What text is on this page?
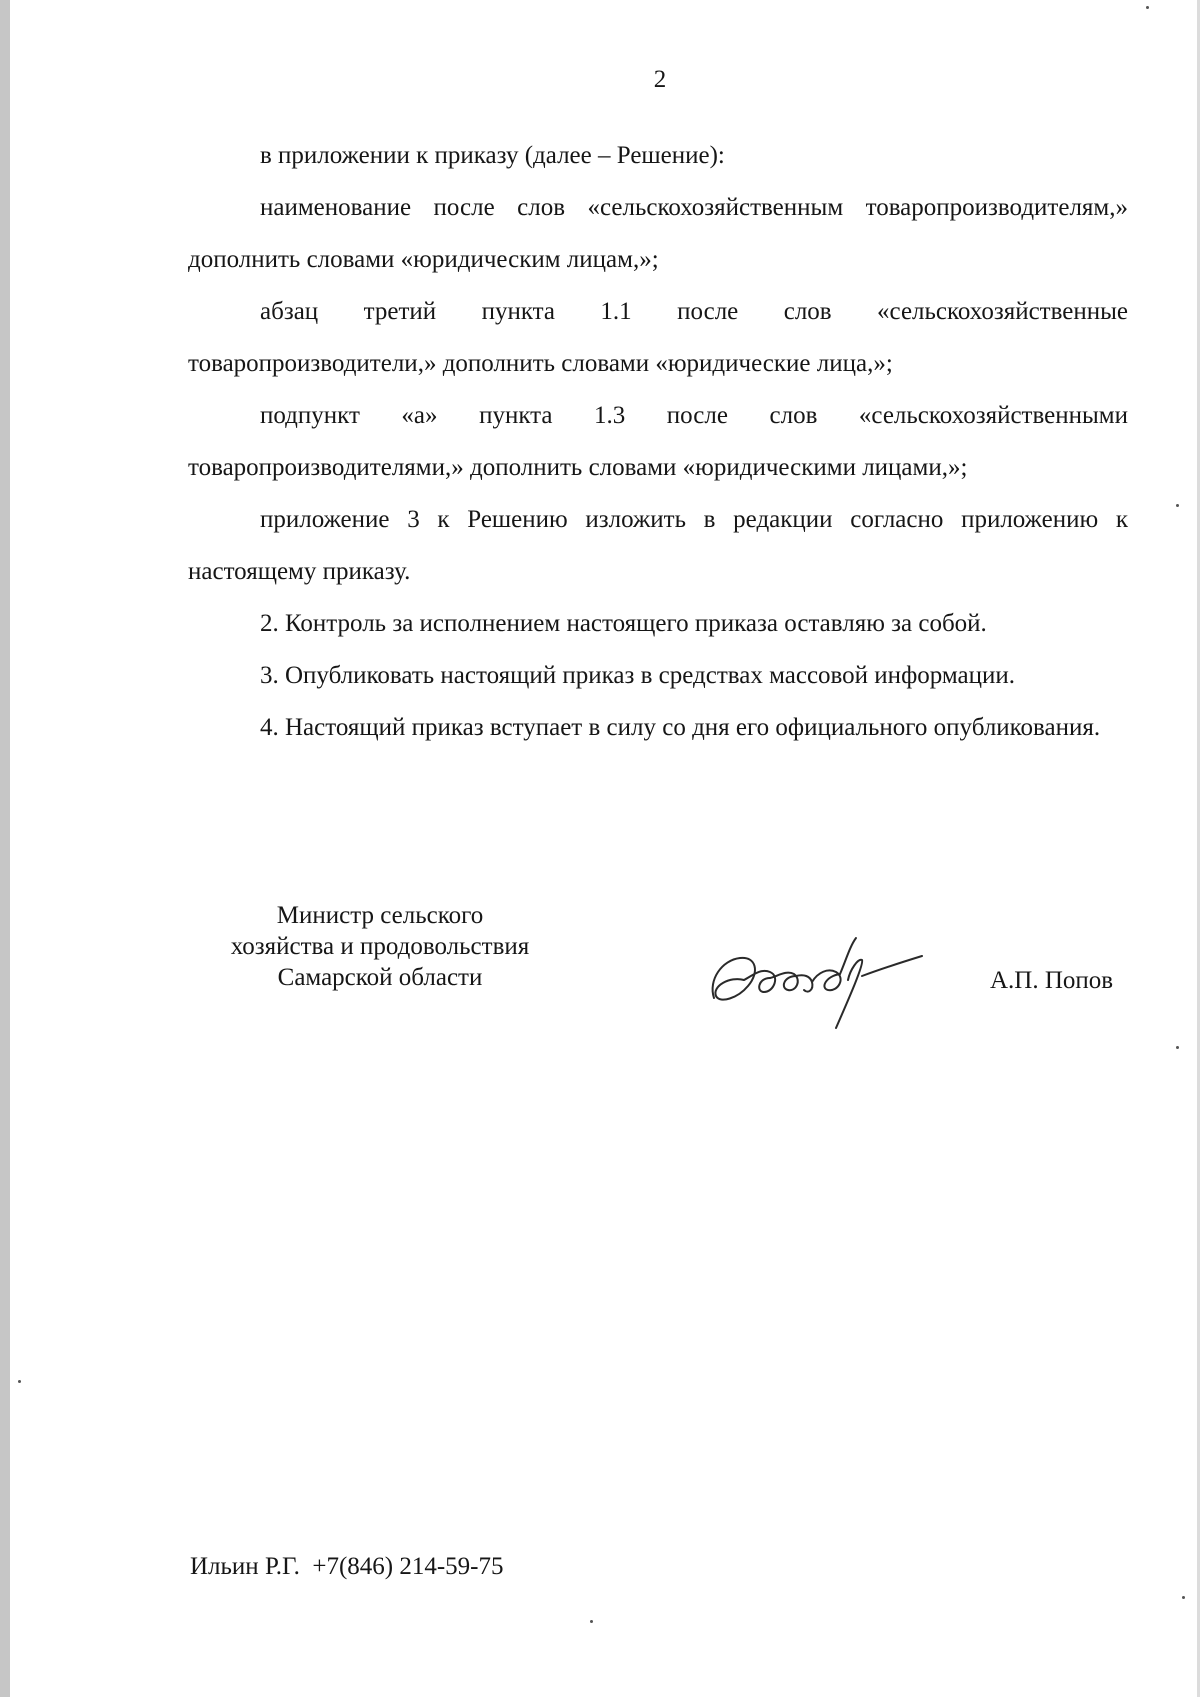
2

в приложении к приказу (далее – Решение):

наименование после слов «сельскохозяйственным товаропроизводителям,» дополнить словами «юридическим лицам,»;

абзац третий пункта 1.1 после слов «сельскохозяйственные товаропроизводители,» дополнить словами «юридические лица,»;

подпункт «а» пункта 1.3 после слов «сельскохозяйственными товаропроизводителями,» дополнить словами «юридическими лицами,»;

приложение 3 к Решению изложить в редакции согласно приложению к настоящему приказу.

2. Контроль за исполнением настоящего приказа оставляю за собой.

3. Опубликовать настоящий приказ в средствах массовой информации.

4. Настоящий приказ вступает в силу со дня его официального опубликования.

Министр сельского
хозяйства и продовольствия
Самарской области	А.П. Попов
Ильин Р.Г.  +7(846) 214-59-75
